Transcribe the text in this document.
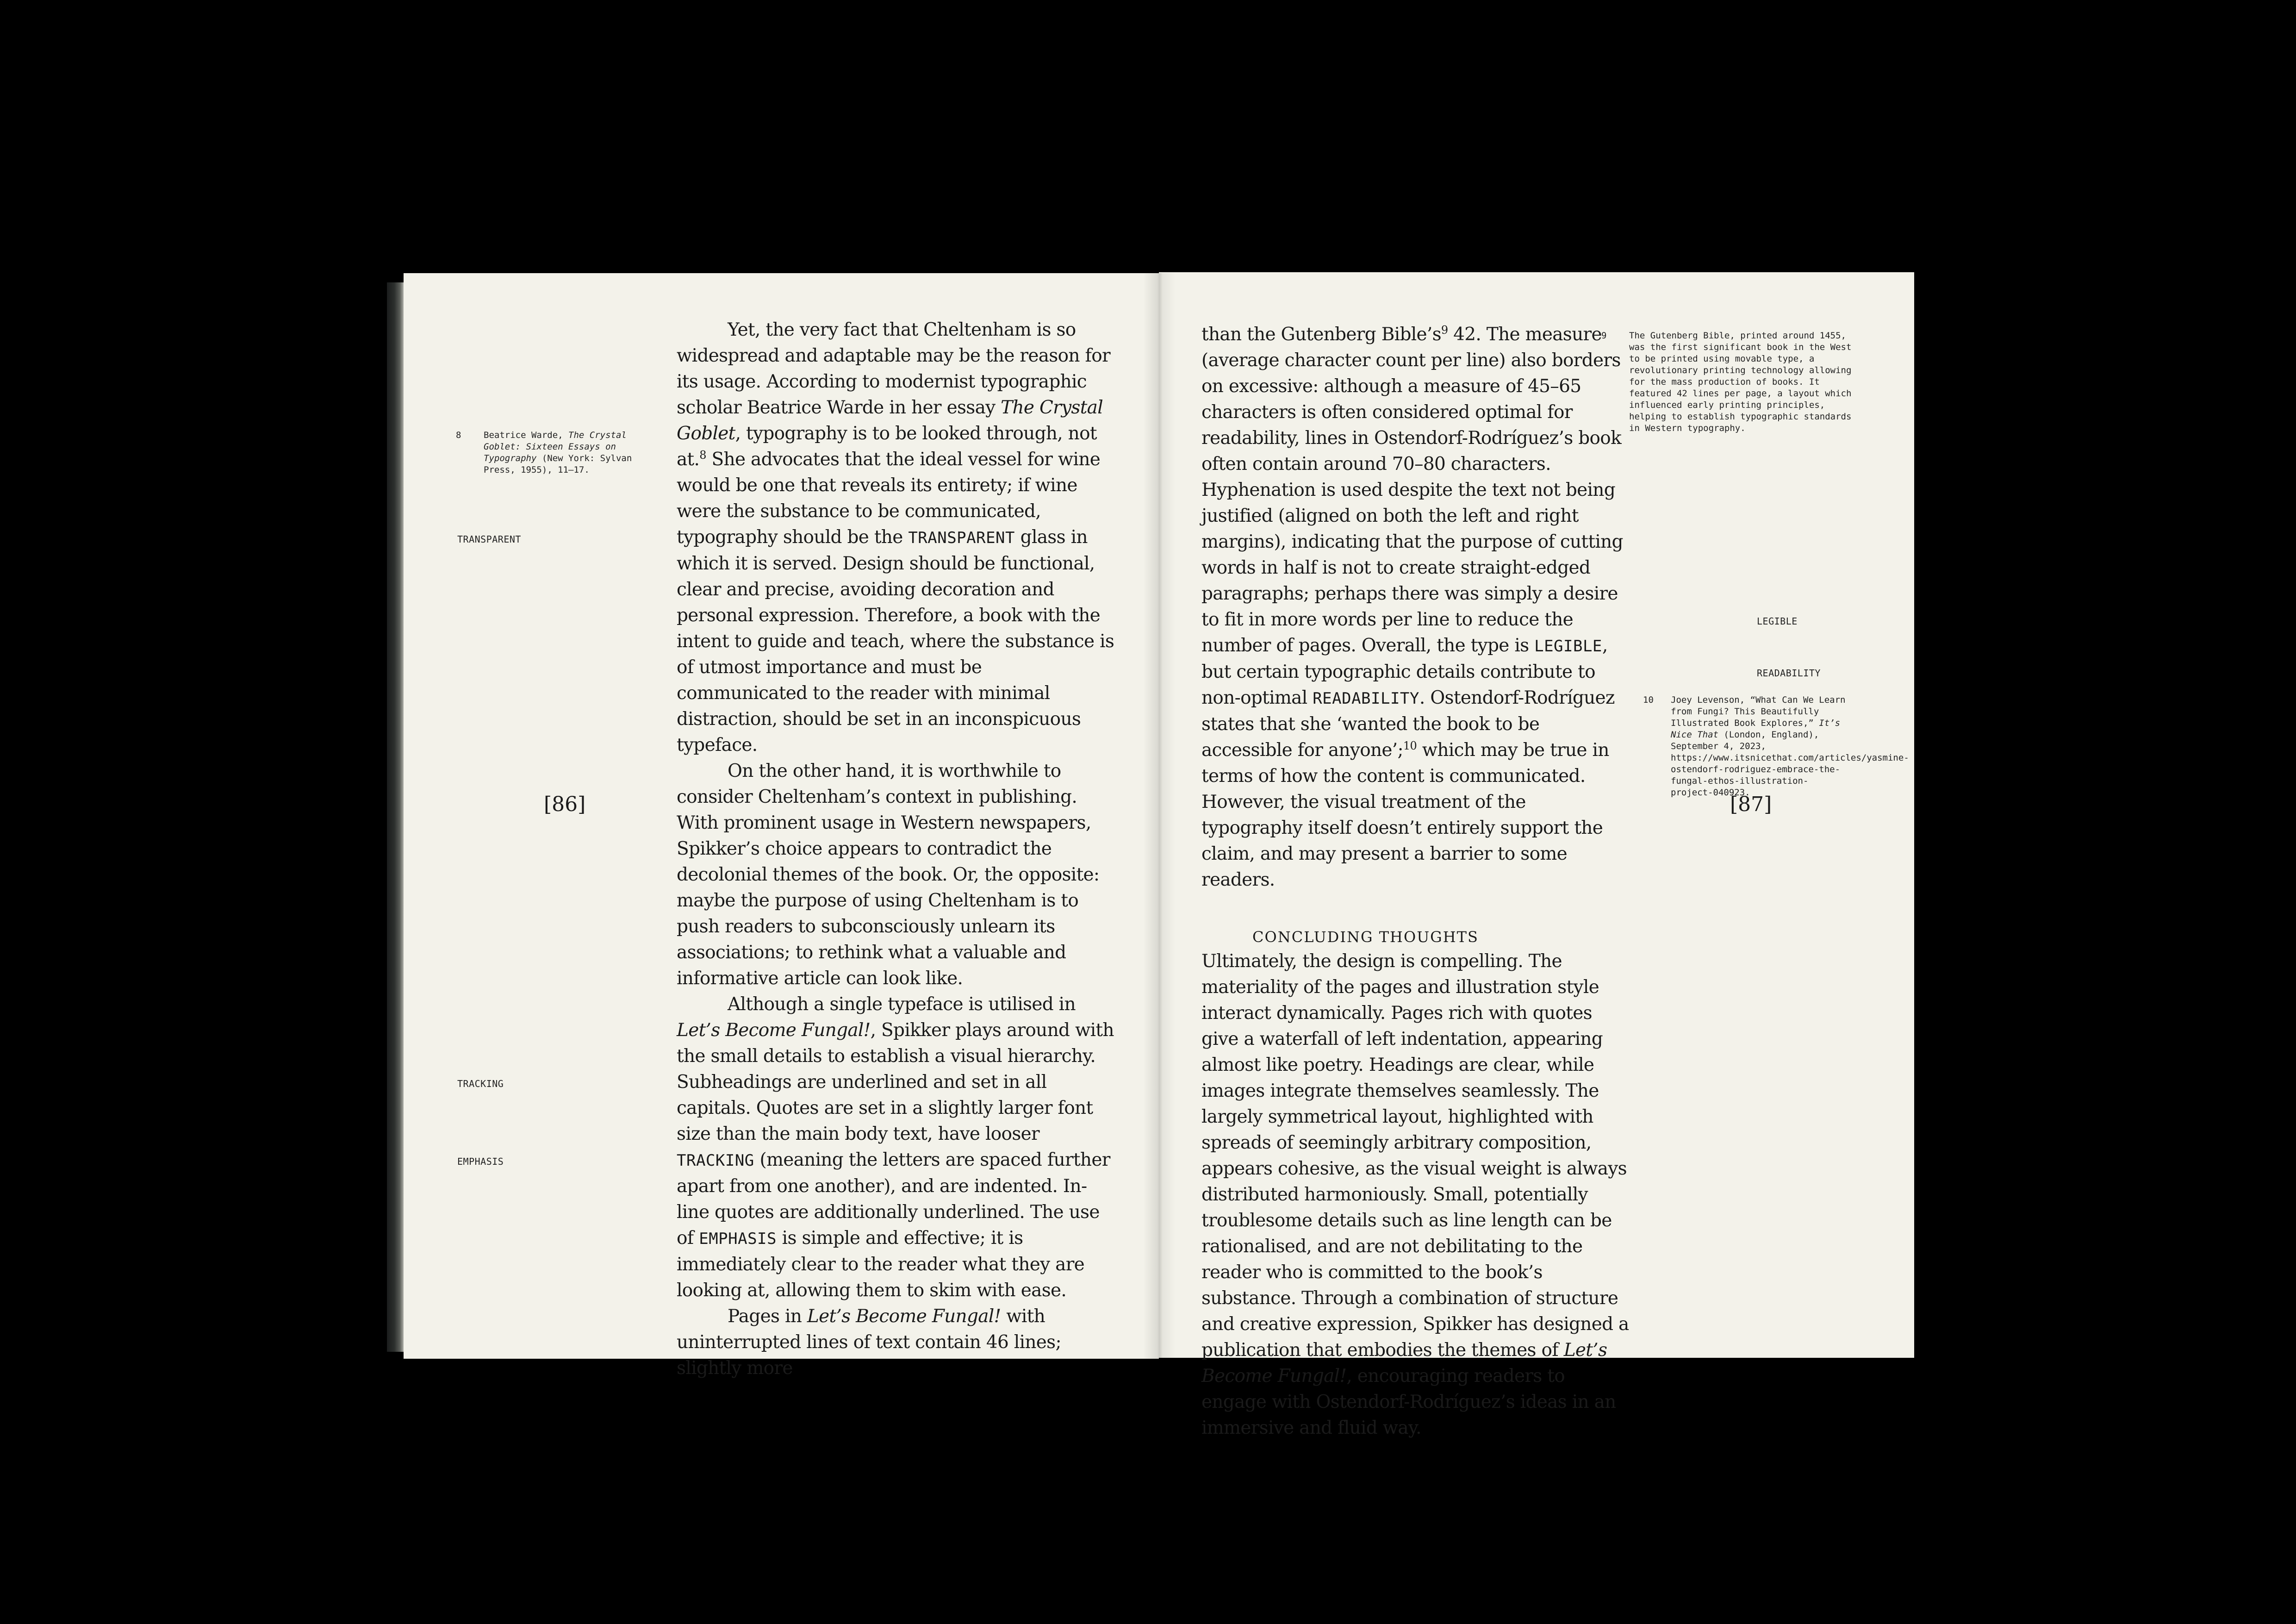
8	Beatrice Warde, The Crystal Goblet: Sixteen Essays on Typography (New York: Sylvan Press, 1955), 11–17.
TRANSPARENT
TRACKING
EMPHASIS
[86]

Yet, the very fact that Cheltenham is so widespread and adaptable may be the reason for its usage. According to modernist typographic scholar Beatrice Warde in her essay The Crystal Goblet, typography is to be looked through, not at.$^8$ She advocates that the ideal vessel for wine would be one that reveals its entirety; if wine were the substance to be communicated, typography should be the TRANSPARENT glass in which it is served. Design should be functional, clear and precise, avoiding decoration and personal expression. Therefore, a book with the intent to guide and teach, where the substance is of utmost importance and must be communicated to the reader with minimal distraction, should be set in an inconspicuous typeface.

On the other hand, it is worthwhile to consider Cheltenham’s context in publishing. With prominent usage in Western newspapers, Spikker’s choice appears to contradict the decolonial themes of the book. Or, the opposite: maybe the purpose of using Cheltenham is to push readers to subconsciously unlearn its associations; to rethink what a valuable and informative article can look like.

Although a single typeface is utilised in Let’s Become Fungal!, Spikker plays around with the small details to establish a visual hierarchy. Subheadings are underlined and set in all capitals. Quotes are set in a slightly larger font size than the main body text, have looser TRACKING (meaning the letters are spaced further apart from one another), and are indented. In-line quotes are additionally underlined. The use of EMPHASIS is simple and effective; it is immediately clear to the reader what they are looking at, allowing them to skim with ease.

Pages in Let’s Become Fungal! with uninterrupted lines of text contain 46 lines; slightly more

than the Gutenberg Bible’s$^9$ 42. The measure (average character count per line) also borders on excessive: although a measure of 45–65 characters is often considered optimal for readability, lines in Ostendorf-Rodríguez’s book often contain around 70–80 characters. Hyphenation is used despite the text not being justified (aligned on both the left and right margins), indicating that the purpose of cutting words in half is not to create straight-edged paragraphs; perhaps there was simply a desire to fit in more words per line to reduce the number of pages. Overall, the type is LEGIBLE, but certain typographic details contribute to non-optimal READABILITY. Ostendorf-Rodríguez states that she ‘wanted the book to be accessible for anyone’;$^{10}$ which may be true in terms of how the content is communicated. However, the visual treatment of the typography itself doesn’t entirely support the claim, and may present a barrier to some readers.

CONCLUDING THOUGHTS

Ultimately, the design is compelling. The materiality of the pages and illustration style interact dynamically. Pages rich with quotes give a waterfall of left indentation, appearing almost like poetry. Headings are clear, while images integrate themselves seamlessly. The largely symmetrical layout, highlighted with spreads of seemingly arbitrary composition, appears cohesive, as the visual weight is always distributed harmoniously. Small, potentially troublesome details such as line length can be rationalised, and are not debilitating to the reader who is committed to the book’s substance. Through a combination of structure and creative expression, Spikker has designed a publication that embodies the themes of Let’s Become Fungal!, encouraging readers to engage with Ostendorf-Rodríguez’s ideas in an immersive and fluid way.

9	The Gutenberg Bible, printed around 1455, was the first significant book in the West to be printed using movable type, a revolutionary printing technology allowing for the mass production of books. It featured 42 lines per page, a layout which influenced early printing principles, helping to establish typographic standards in Western typography.
LEGIBLE
READABILITY
10 Joey Levenson, “What Can We Learn from Fungi? This Beautifully Illustrated Book Explores,” It’s Nice That (London, England), September 4, 2023, https://www.itsnicethat.com/articles/yasmine-ostendorf-rodriguez-embrace-the-fungal-ethos-illustration-project-040923.
[87]
